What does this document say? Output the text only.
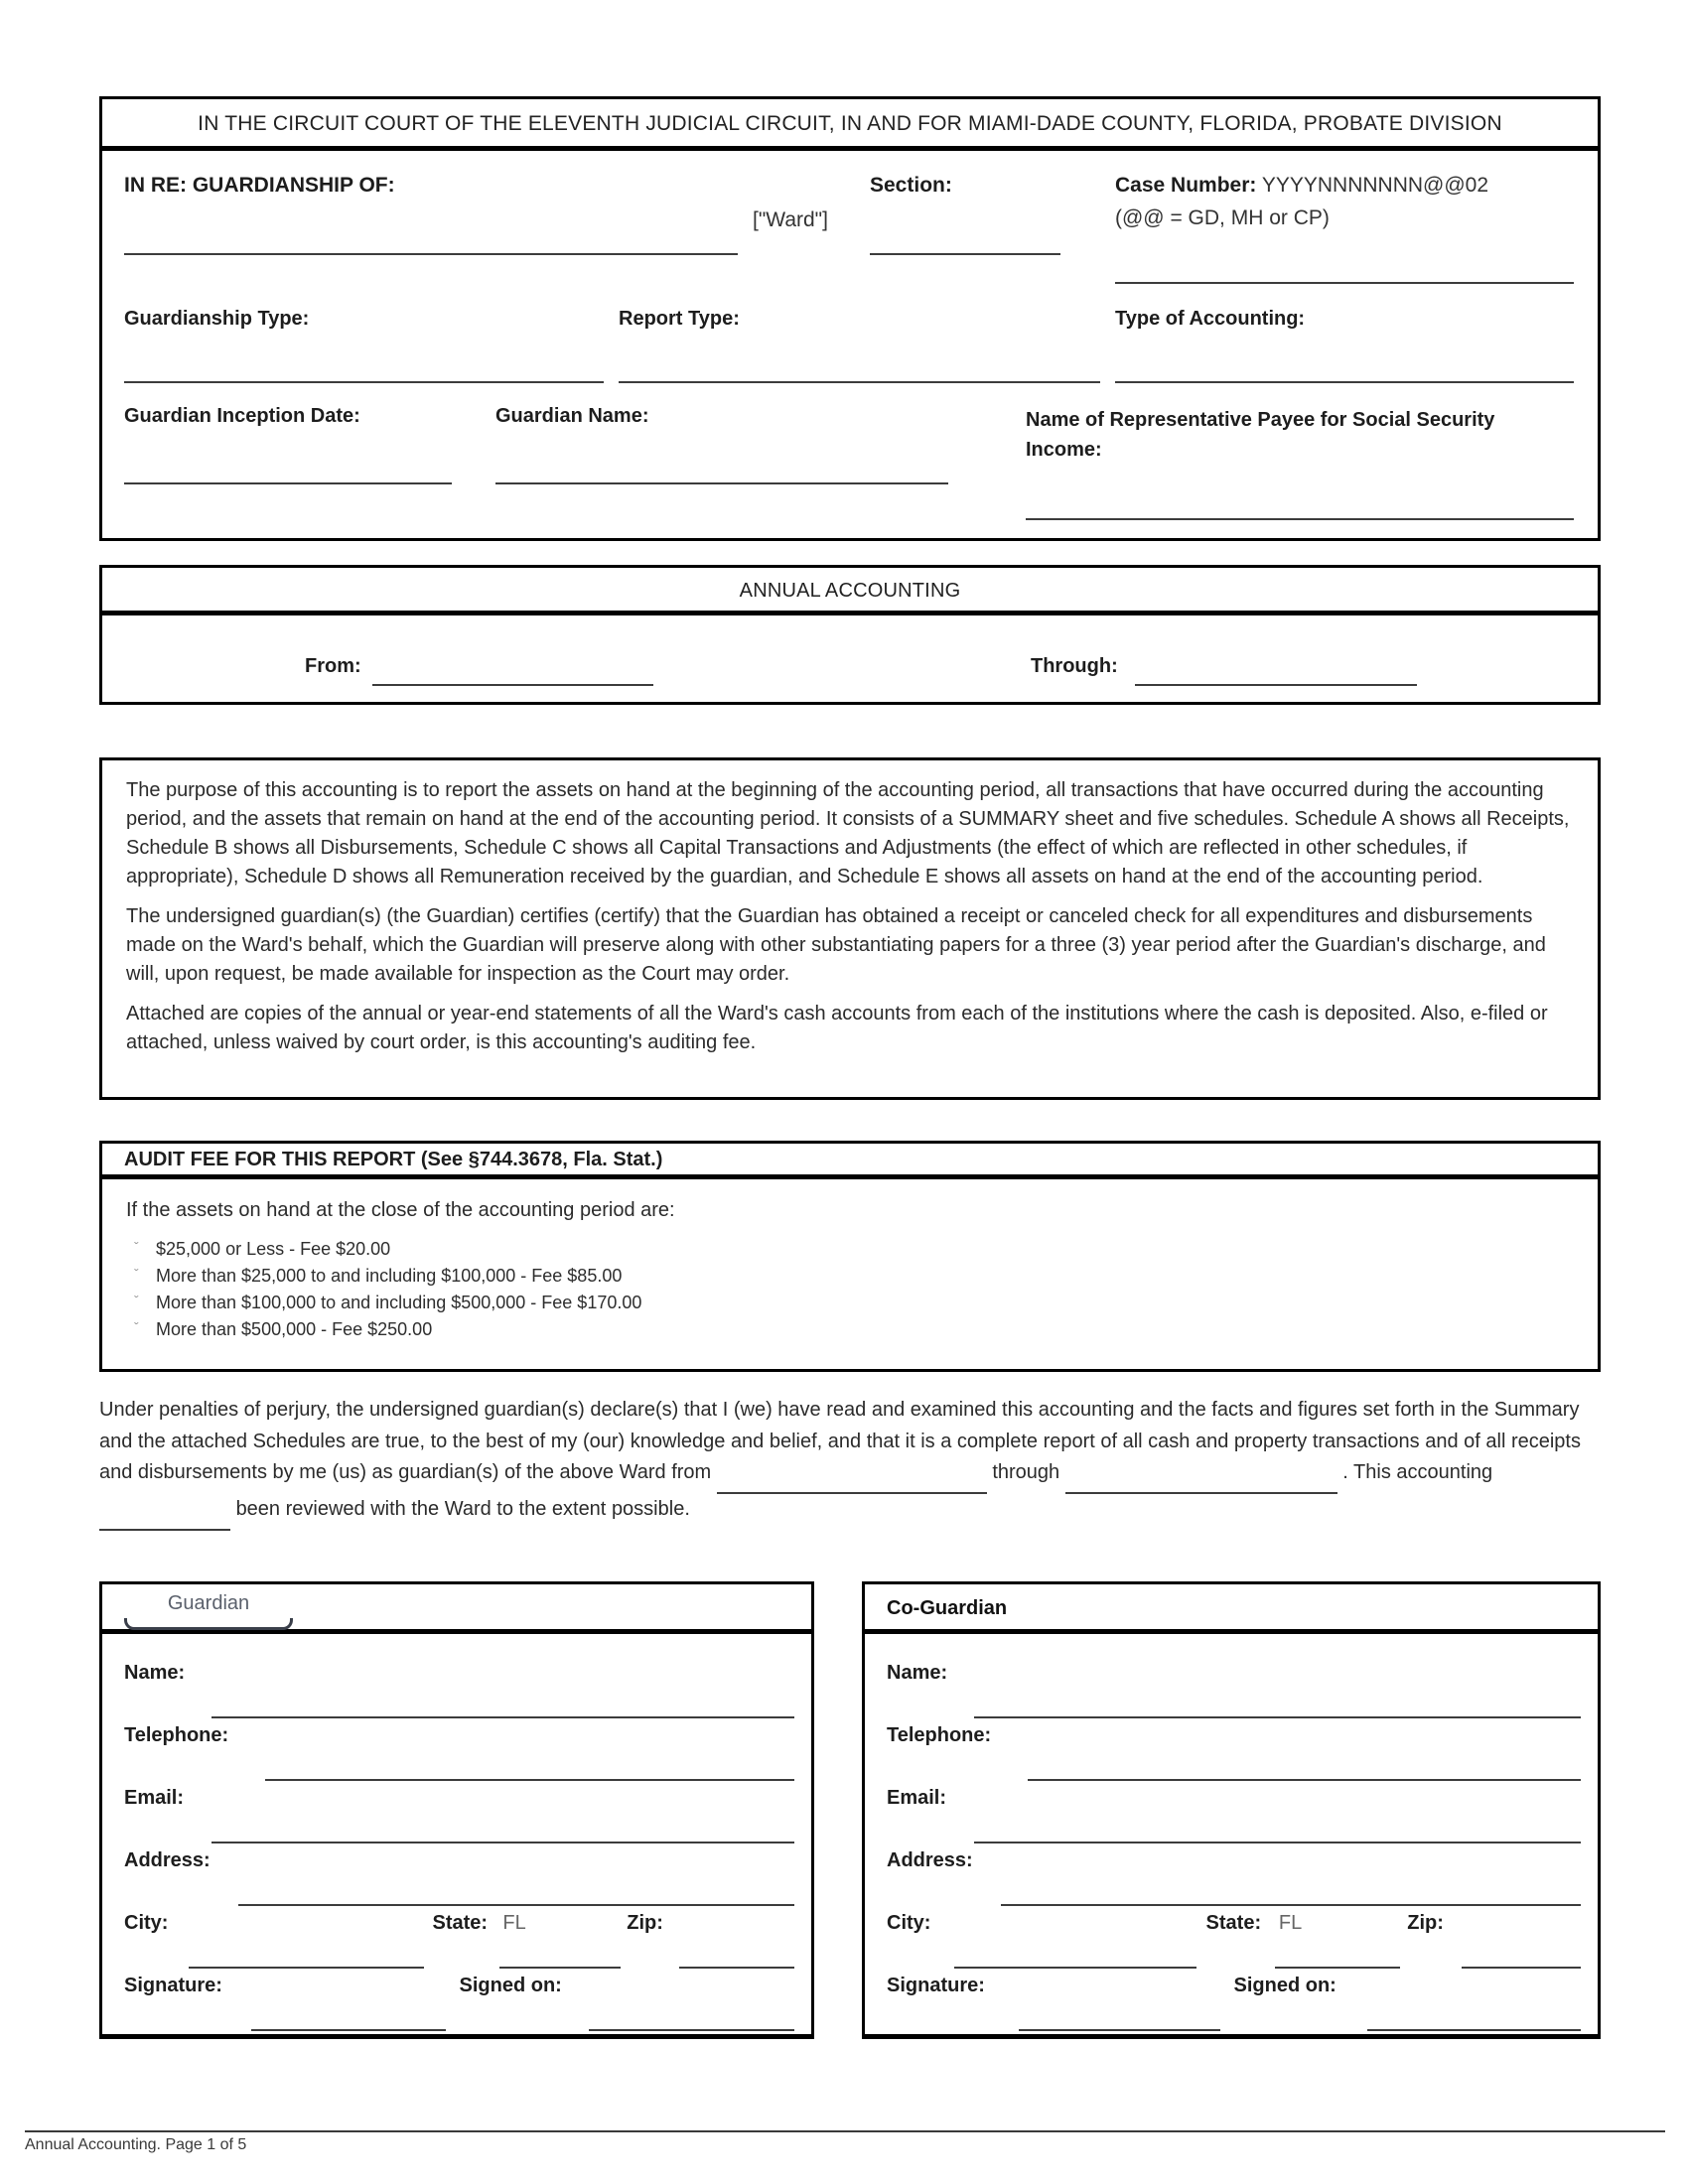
IN THE CIRCUIT COURT OF THE ELEVENTH JUDICIAL CIRCUIT, IN AND FOR MIAMI-DADE COUNTY, FLORIDA, PROBATE DIVISION
IN RE: GUARDIANSHIP OF:	Section:	Case Number: YYYYNNNNNNN@@02
(@@ = GD, MH or CP)
["Ward"]
Guardianship Type:	Report Type:	Type of Accounting:
Guardian Inception Date:	Guardian Name:	Name of Representative Payee for Social Security Income:
ANNUAL ACCOUNTING
From:	Through:

The purpose of this accounting is to report the assets on hand at the beginning of the accounting period, all transactions that have occurred during the accounting period, and the assets that remain on hand at the end of the accounting period. It consists of a SUMMARY sheet and five schedules. Schedule A shows all Receipts, Schedule B shows all Disbursements, Schedule C shows all Capital Transactions and Adjustments (the effect of which are reflected in other schedules, if appropriate), Schedule D shows all Remuneration received by the guardian, and Schedule E shows all assets on hand at the end of the accounting period.

The undersigned guardian(s) (the Guardian) certifies (certify) that the Guardian has obtained a receipt or canceled check for all expenditures and disbursements made on the Ward's behalf, which the Guardian will preserve along with other substantiating papers for a three (3) year period after the Guardian's discharge, and will, upon request, be made available for inspection as the Court may order.

Attached are copies of the annual or year-end statements of all the Ward's cash accounts from each of the institutions where the cash is deposited. Also, e-filed or attached, unless waived by court order, is this accounting's auditing fee.

AUDIT FEE FOR THIS REPORT (See §744.3678, Fla. Stat.)
If the assets on hand at the close of the accounting period are:
ˇ $25,000 or Less - Fee $20.00
ˇ More than $25,000 to and including $100,000 - Fee $85.00
ˇ More than $100,000 to and including $500,000 - Fee $170.00
ˇ More than $500,000 - Fee $250.00
Under penalties of perjury, the undersigned guardian(s) declare(s) that I (we) have read and examined this accounting and the facts and figures set forth in the Summary and the attached Schedules are true, to the best of my (our) knowledge and belief, and that it is a complete report of all cash and property transactions and of all receipts and disbursements by me (us) as guardian(s) of the above Ward from	through	. This accounting  been reviewed with the Ward to the extent possible.
Guardian
Name:
Telephone:
Email:
Address:
City:	State: FL	Zip:
Signature:	Signed on:
Co-Guardian
Name:
Telephone:
Email:
Address:
City:	State: FL	Zip:
Signature:	Signed on:
Annual Accounting. Page 1 of 5
